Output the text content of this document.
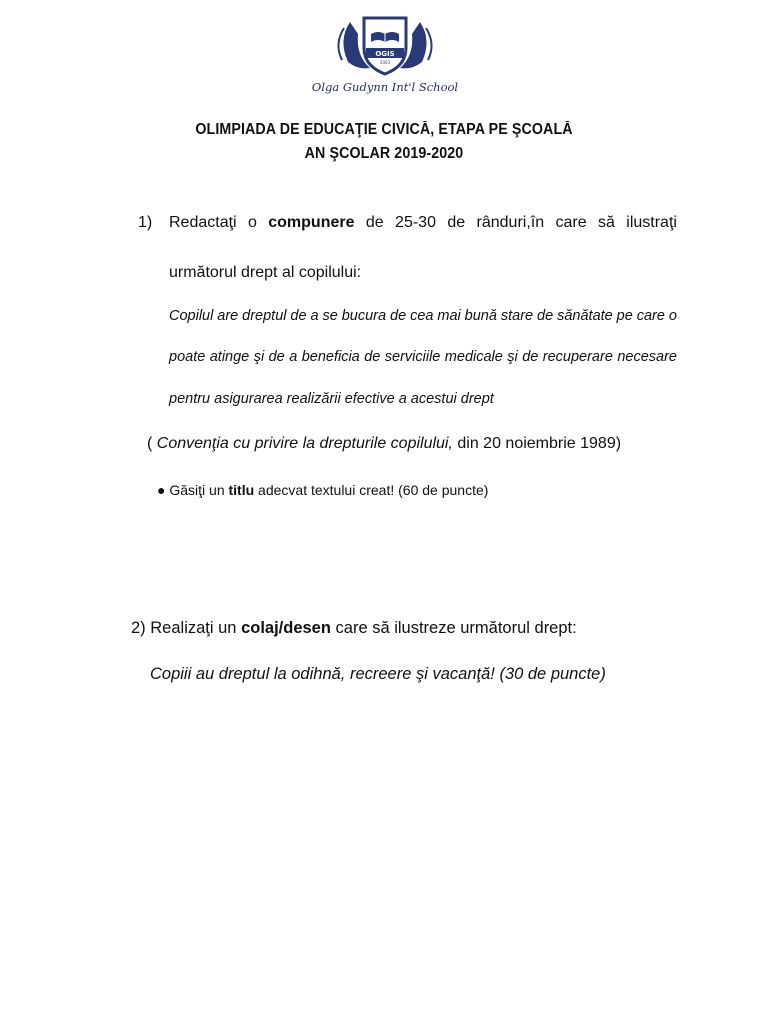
OGIS
2003
Olga Gudynn Int'l School
OLIMPIADA DE EDUCAŢIE CIVICĂ, ETAPA PE ŞCOALĂ
AN ŞCOLAR 2019-2020
1) Redactaţi o compunere de 25-30 de rânduri,în care să ilustraţi
următorul drept al copilului:
Copilul are dreptul de a se bucura de cea mai bună stare de sănătate pe care o
poate atinge şi de a beneficia de serviciile medicale şi de recuperare necesare
pentru asigurarea realizării efective a acestui drept
( Convenţia cu privire la drepturile copilului, din 20 noiembrie 1989)
● Găsiţi un titlu adecvat textului creat! (60 de puncte)
2) Realizaţi un colaj/desen care să ilustreze următorul drept:
Copiii au dreptul la odihnă, recreere şi vacanţă! (30 de puncte)
